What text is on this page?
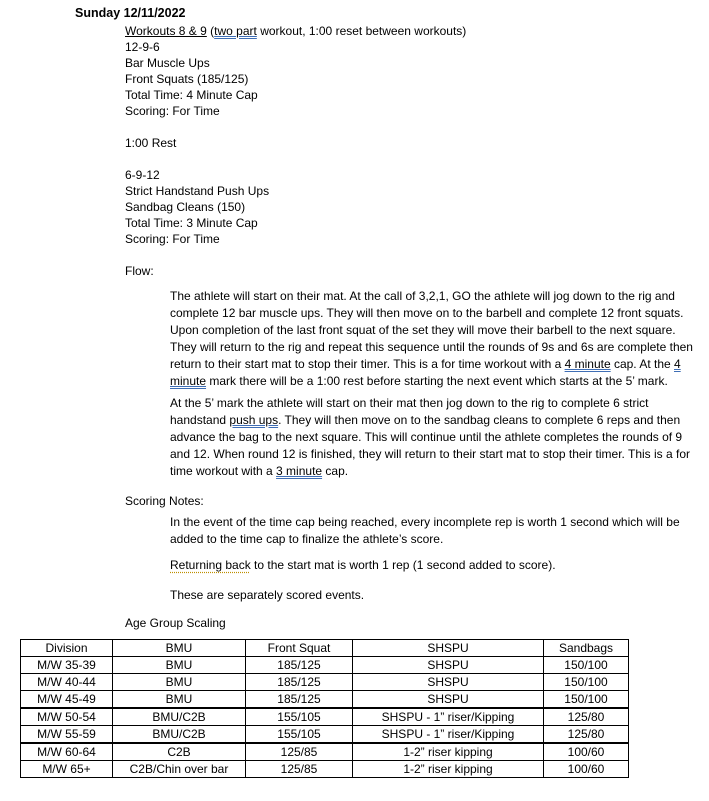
Sunday 12/11/2022
Workouts 8 & 9 (two part workout, 1:00 reset between workouts)
12-9-6
Bar Muscle Ups
Front Squats (185/125)
Total Time: 4 Minute Cap
Scoring: For Time
1:00 Rest
6-9-12
Strict Handstand Push Ups
Sandbag Cleans (150)
Total Time: 3 Minute Cap
Scoring: For Time
Flow:
The athlete will start on their mat. At the call of 3,2,1, GO the athlete will jog down to the rig and complete 12 bar muscle ups. They will then move on to the barbell and complete 12 front squats. Upon completion of the last front squat of the set they will move their barbell to the next square. They will return to the rig and repeat this sequence until the rounds of 9s and 6s are complete then return to their start mat to stop their timer. This is a for time workout with a 4 minute cap. At the 4 minute mark there will be a 1:00 rest before starting the next event which starts at the 5’ mark.
At the 5’ mark the athlete will start on their mat then jog down to the rig to complete 6 strict handstand push ups. They will then move on to the sandbag cleans to complete 6 reps and then advance the bag to the next square. This will continue until the athlete completes the rounds of 9 and 12. When round 12 is finished, they will return to their start mat to stop their timer. This is a for time workout with a 3 minute cap.
Scoring Notes:
In the event of the time cap being reached, every incomplete rep is worth 1 second which will be added to the time cap to finalize the athlete’s score.
Returning back to the start mat is worth 1 rep (1 second added to score).
These are separately scored events.
Age Group Scaling
Division	BMU	Front Squat	SHSPU	Sandbags
M/W 35-39	BMU	185/125	SHSPU	150/100
M/W 40-44	BMU	185/125	SHSPU	150/100
M/W 45-49	BMU	185/125	SHSPU	150/100
M/W 50-54	BMU/C2B	155/105	SHSPU - 1” riser/Kipping	125/80
M/W 55-59	BMU/C2B	155/105	SHSPU - 1” riser/Kipping	125/80
M/W 60-64	C2B	125/85	1-2” riser kipping	100/60
M/W 65+	C2B/Chin over bar	125/85	1-2” riser kipping	100/60
